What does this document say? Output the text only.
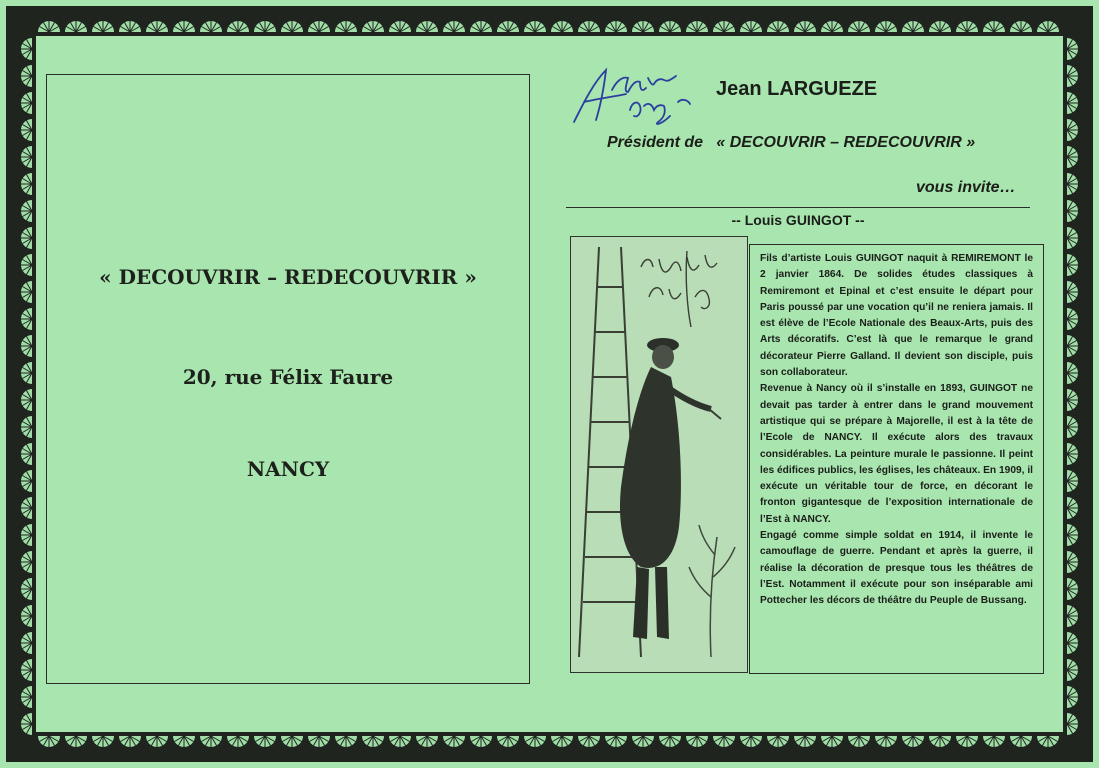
« DECOUVRIR – REDECOUVRIR »
20, rue Félix Faure
NANCY
Jean LARGUEZE
Président de   « DECOUVRIR – REDECOUVRIR »
vous invite…
-- Louis GUINGOT --

Fils d’artiste Louis GUINGOT naquit à REMIREMONT le 2 janvier 1864. De solides études classiques à Remiremont et Epinal et c’est ensuite le départ pour Paris poussé par une vocation qu’il ne reniera jamais. Il est élève de l’Ecole Nationale des Beaux-Arts, puis des Arts décoratifs. C’est là que le remarque le grand décorateur Pierre Galland. Il devient son disciple, puis son collaborateur.

Revenue à Nancy où il s’installe en 1893, GUINGOT ne devait pas tarder à entrer dans le grand mouvement artistique qui se prépare à Majorelle, il est à la tête de l’Ecole de NANCY. Il exécute alors des travaux considérables. La peinture murale le passionne. Il peint les édifices publics, les églises, les châteaux. En 1909, il exécute un véritable tour de force, en décorant le fronton gigantesque de l’exposition internationale de l’Est à NANCY.

Engagé comme simple soldat en 1914, il invente le camouflage de guerre. Pendant et après la guerre, il réalise la décoration de presque tous les théâtres de l’Est. Notamment il exécute pour son inséparable ami Pottecher les décors de théâtre du Peuple de Bussang.
